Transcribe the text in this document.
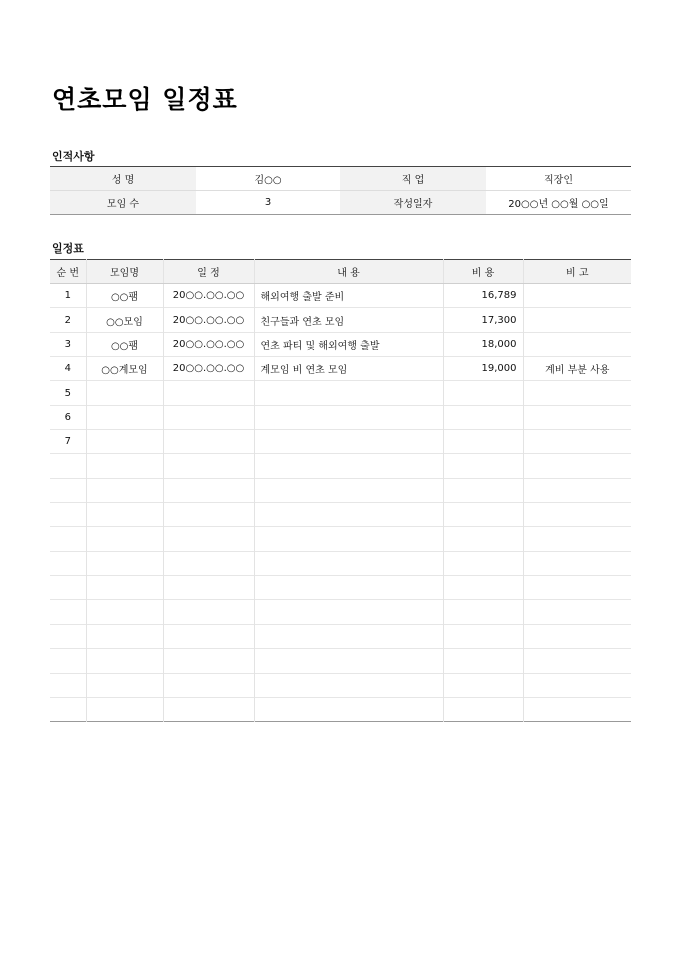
연초모임 일정표
인적사항
성 명	김○○	직 업	직장인
모임 수	3	작성일자	20○○년 ○○월 ○○일
일정표
순 번	모임명	일 정	내 용	비 용	비 고
1	○○팸	20○○.○○.○○	해외여행 출발 준비	16,789	
2	○○모임	20○○.○○.○○	친구들과 연초 모임	17,300	
3	○○팸	20○○.○○.○○	연초 파티 및 해외여행 출발	18,000	
4	○○계모임	20○○.○○.○○	계모임 비 연초 모임	19,000	계비 부분 사용
5					
6					
7					
